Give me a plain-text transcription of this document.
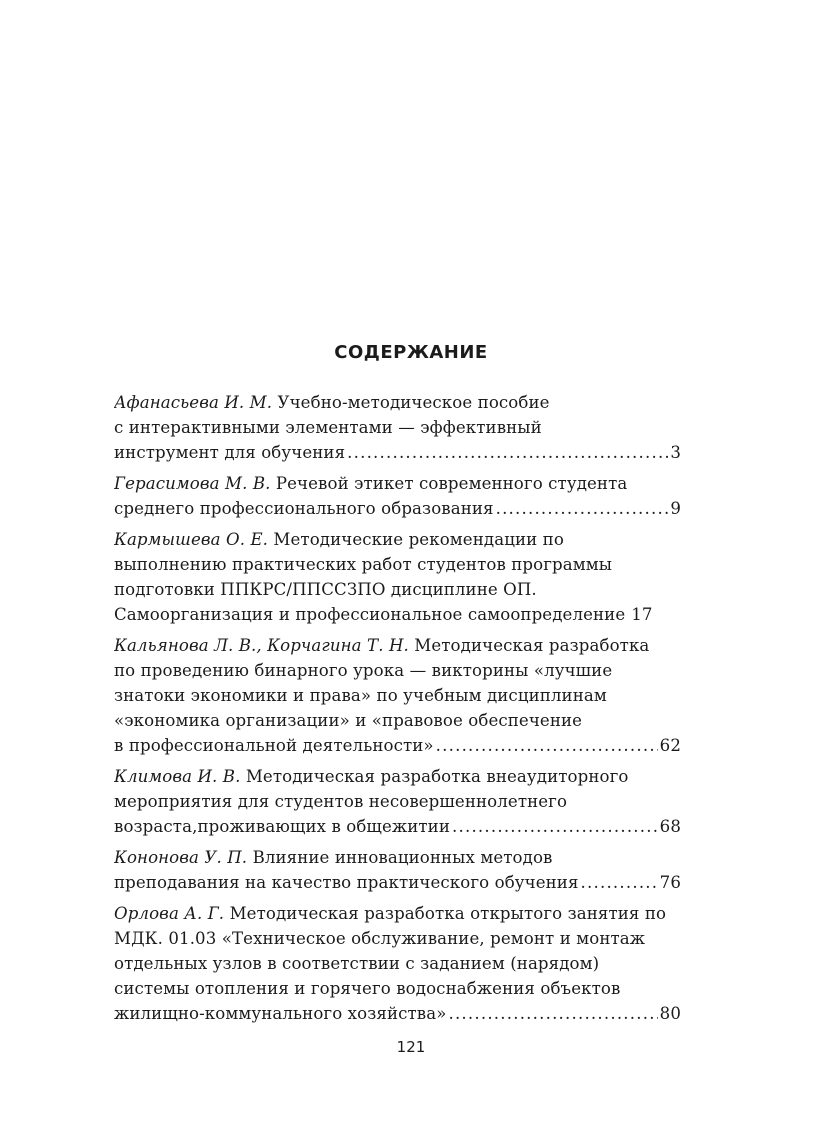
СОДЕРЖАНИЕ
Афанасьева И. М. Учебно-методическое пособие
с интерактивными элементами — эффективный
инструмент для обучения .....	3
Герасимова М. В. Речевой этикет современного студента
среднего профессионального образования .....	9
Кармышева О. Е. Методические рекомендации по
выполнению практических работ студентов программы
подготовки ППКРС/ППССЗПО дисциплине ОП.
Самоорганизация и профессиональное самоопределение 17
Кальянова Л. В., Корчагина Т. Н. Методическая разработка
по проведению бинарного урока — викторины «лучшие
знатоки экономики и права» по учебным дисциплинам
«экономика организации» и «правовое обеспечение
в профессиональной деятельности» .....	62
Климова И. В. Методическая разработка внеаудиторного
мероприятия для студентов несовершеннолетнего
возраста,проживающих в общежитии .....	68
Кононова У. П. Влияние инновационных методов
преподавания на качество практического обучения .....	76
Орлова А. Г. Методическая разработка открытого занятия по
МДК. 01.03 «Техническое обслуживание, ремонт и монтаж
отдельных узлов в соответствии с заданием (нарядом)
системы отопления и горячего водоснабжения объектов
жилищно-коммунального хозяйства» .....	80
121
